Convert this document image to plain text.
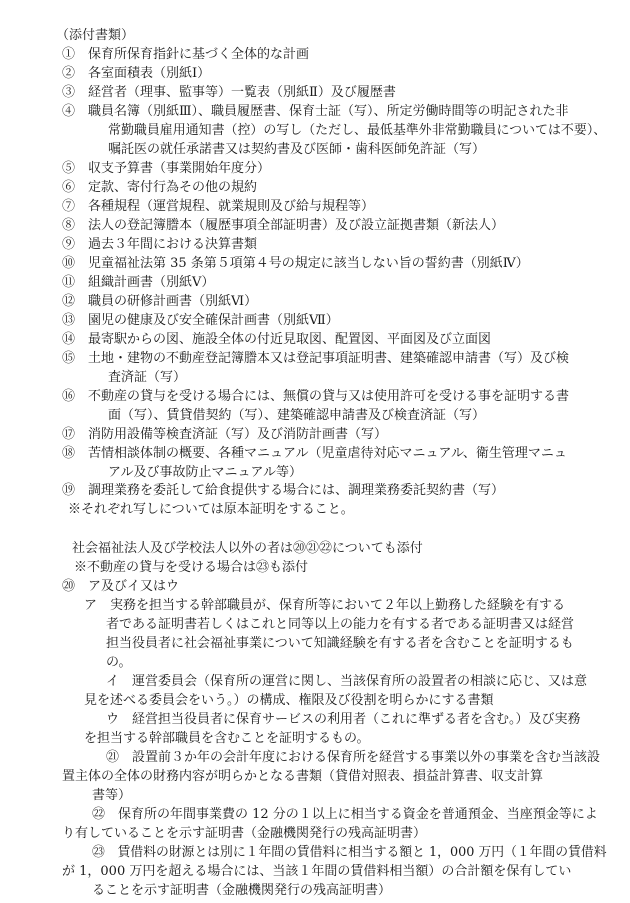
（添付書類）
①　保育所保育指針に基づく全体的な計画
②　各室面積表（別紙Ⅰ）
③　経営者（理事、監事等）一覧表（別紙Ⅱ）及び履歴書
④　職員名簿（別紙Ⅲ）、職員履歴書、保育士証（写）、所定労働時間等の明記された非
常勤職員雇用通知書（控）の写し（ただし、最低基準外非常勤職員については不要）、
嘱託医の就任承諾書又は契約書及び医師・歯科医師免許証（写）
⑤　収支予算書（事業開始年度分）
⑥　定款、寄付行為その他の規約
⑦　各種規程（運営規程、就業規則及び給与規程等）
⑧　法人の登記簿謄本（履歴事項全部証明書）及び設立証拠書類（新法人）
⑨　過去３年間における決算書類
⑩　児童福祉法第 35 条第５項第４号の規定に該当しない旨の誓約書（別紙Ⅳ）
⑪　組織計画書（別紙Ⅴ）
⑫　職員の研修計画書（別紙Ⅵ）
⑬　園児の健康及び安全確保計画書（別紙Ⅶ）
⑭　最寄駅からの図、施設全体の付近見取図、配置図、平面図及び立面図
⑮　土地・建物の不動産登記簿謄本又は登記事項証明書、建築確認申請書（写）及び検
査済証（写）
⑯　不動産の貸与を受ける場合には、無償の貸与又は使用許可を受ける事を証明する書
面（写）、賃貸借契約（写）、建築確認申請書及び検査済証（写）
⑰　消防用設備等検査済証（写）及び消防計画書（写）
⑱　苦情相談体制の概要、各種マニュアル（児童虐待対応マニュアル、衛生管理マニュ
アル及び事故防止マニュアル等）
⑲　調理業務を委託して給食提供する場合には、調理業務委託契約書（写）
※それぞれ写しについては原本証明をすること。
社会福祉法人及び学校法人以外の者は⑳㉑㉒についても添付
※不動産の貸与を受ける場合は㉓も添付
⑳　ア及びイ又はウ
ア　実務を担当する幹部職員が、保育所等において２年以上勤務した経験を有する
者である証明書若しくはこれと同等以上の能力を有する者である証明書又は経営
担当役員者に社会福祉事業について知識経験を有する者を含むことを証明するも
の。
イ　運営委員会（保育所の運営に関し、当該保育所の設置者の相談に応じ、又は意
見を述べる委員会をいう。）の構成、権限及び役割を明らかにする書類
ウ　経営担当役員者に保育サービスの利用者（これに準ずる者を含む。）及び実務
を担当する幹部職員を含むことを証明するもの。
㉑　設置前３か年の会計年度における保育所を経営する事業以外の事業を含む当該設
置主体の全体の財務内容が明らかとなる書類（貸借対照表、損益計算書、収支計算
書等）
㉒　保育所の年間事業費の 12 分の１以上に相当する資金を普通預金、当座預金等によ
り有していることを示す証明書（金融機関発行の残高証明書）
㉓　賃借料の財源とは別に１年間の賃借料に相当する額と 1，000 万円（１年間の賃借料
が 1，000 万円を超える場合には、当該１年間の賃借料相当額）の合計額を保有してい
ることを示す証明書（金融機関発行の残高証明書）
